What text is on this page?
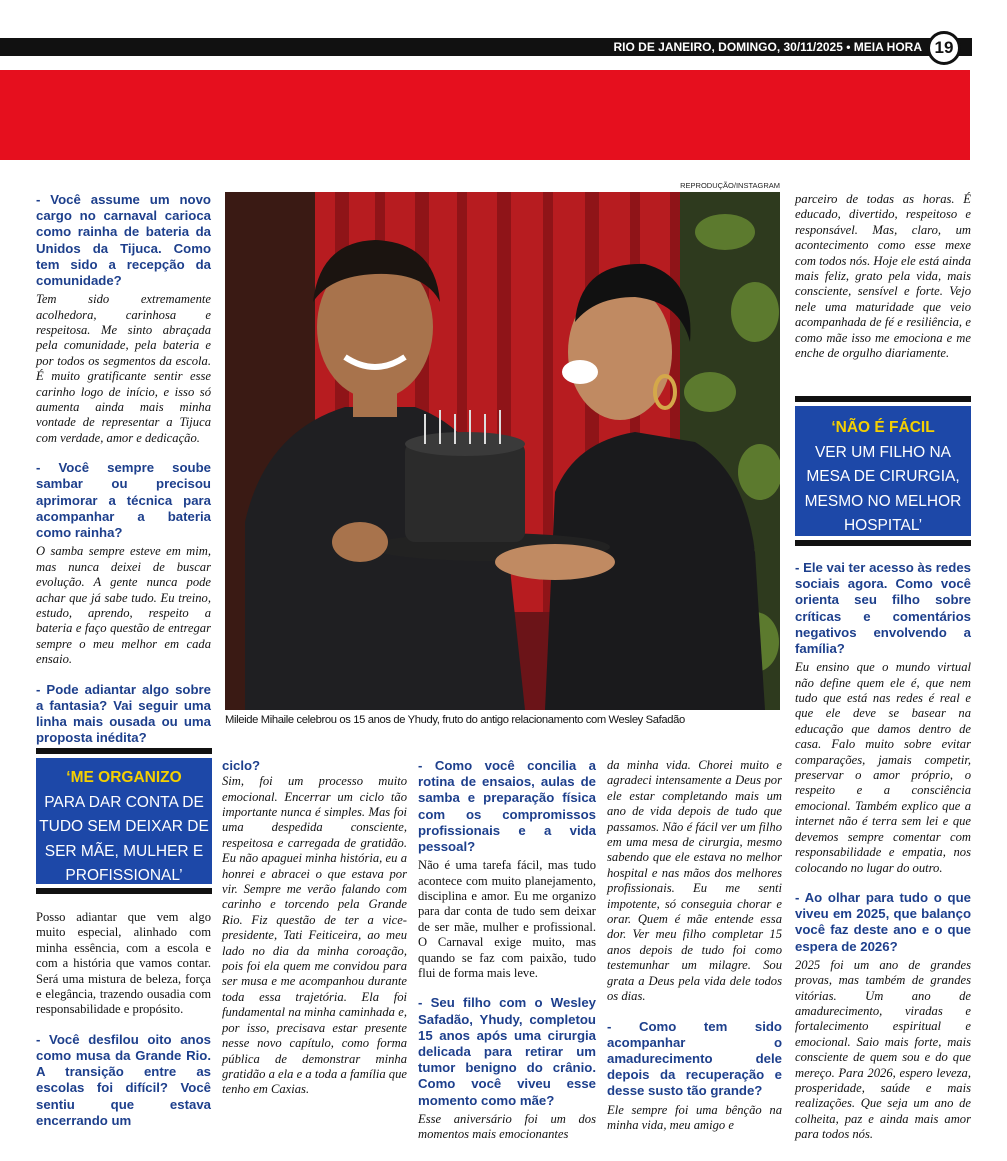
RIO DE JANEIRO, DOMINGO, 30/11/2025 • MEIA HORA 19

- Você assume um novo cargo no carnaval carioca como rainha de bateria da Unidos da Tijuca. Como tem sido a recepção da comunidade?

Tem sido extremamente acolhedora, carinhosa e respeitosa. Me sinto abraçada pela comunidade, pela bateria e por todos os segmentos da escola. É muito gratificante sentir esse carinho logo de início, e isso só aumenta ainda mais minha vontade de representar a Tijuca com verdade, amor e dedicação.

- Você sempre soube sambar ou precisou aprimorar a técnica para acompanhar a bateria como rainha?

O samba sempre esteve em mim, mas nunca deixei de buscar evolução. A gente nunca pode achar que já sabe tudo. Eu treino, estudo, aprendo, respeito a bateria e faço questão de entregar sempre o meu melhor em cada ensaio.

- Pode adiantar algo sobre a fantasia? Vai seguir uma linha mais ousada ou uma proposta inédita?

‘ME ORGANIZO
PARA DAR CONTA DE
TUDO SEM DEIXAR DE
SER MÃE, MULHER E
PROFISSIONAL’

Posso adiantar que vem algo muito especial, alinhado com minha essência, com a escola e com a história que vamos contar. Será uma mistura de beleza, força e elegância, trazendo ousadia com responsabilidade e propósito.

- Você desfilou oito anos como musa da Grande Rio. A transição entre as escolas foi difícil? Você sentiu que estava encerrando um

REPRODUÇÃO/INSTAGRAM
Mileide Mihaile celebrou os 15 anos de Yhudy, fruto do antigo relacionamento com Wesley Safadão

ciclo?

Sim, foi um processo muito emocional. Encerrar um ciclo tão importante nunca é simples. Mas foi uma despedida consciente, respeitosa e carregada de gratidão. Eu não apaguei minha história, eu a honrei e abracei o que estava por vir. Sempre me verão falando com carinho e torcendo pela Grande Rio. Fiz questão de ter a vice-presidente, Tati Feiticeira, ao meu lado no dia da minha coroação, pois foi ela quem me convidou para ser musa e me acompanhou durante toda essa trajetória. Ela foi fundamental na minha caminhada e, por isso, precisava estar presente nesse novo capítulo, como forma pública de demonstrar minha gratidão a ela e a toda a família que tenho em Caxias.

- Como você concilia a rotina de ensaios, aulas de samba e preparação física com os compromissos profissionais e a vida pessoal?

Não é uma tarefa fácil, mas tudo acontece com muito planejamento, disciplina e amor. Eu me organizo para dar conta de tudo sem deixar de ser mãe, mulher e profissional. O Carnaval exige muito, mas quando se faz com paixão, tudo flui de forma mais leve.

- Seu filho com o Wesley Safadão, Yhudy, completou 15 anos após uma cirurgia delicada para retirar um tumor benigno do crânio. Como você viveu esse momento como mãe?

Esse aniversário foi um dos momentos mais emocionantes

da minha vida. Chorei muito e agradeci intensamente a Deus por ele estar completando mais um ano de vida depois de tudo que passamos. Não é fácil ver um filho em uma mesa de cirurgia, mesmo sabendo que ele estava no melhor hospital e nas mãos dos melhores profissionais. Eu me senti impotente, só conseguia chorar e orar. Quem é mãe entende essa dor. Ver meu filho completar 15 anos depois de tudo foi como testemunhar um milagre. Sou grata a Deus pela vida dele todos os dias.

- Como tem sido acompanhar o amadurecimento dele depois da recuperação e desse susto tão grande?

Ele sempre foi uma bênção na minha vida, meu amigo e

parceiro de todas as horas. É educado, divertido, respeitoso e responsável. Mas, claro, um acontecimento como esse mexe com todos nós. Hoje ele está ainda mais feliz, grato pela vida, mais consciente, sensível e forte. Vejo nele uma maturidade que veio acompanhada de fé e resiliência, e como mãe isso me emociona e me enche de orgulho diariamente.

‘NÃO É FÁCIL
VER UM FILHO NA
MESA DE CIRURGIA,
MESMO NO MELHOR
HOSPITAL’

- Ele vai ter acesso às redes sociais agora. Como você orienta seu filho sobre críticas e comentários negativos envolvendo a família?

Eu ensino que o mundo virtual não define quem ele é, que nem tudo que está nas redes é real e que ele deve se basear na educação que damos dentro de casa. Falo muito sobre evitar comparações, jamais competir, preservar o amor próprio, o respeito e a consciência emocional. Também explico que a internet não é terra sem lei e que devemos sempre comentar com responsabilidade e empatia, nos colocando no lugar do outro.

- Ao olhar para tudo o que viveu em 2025, que balanço você faz deste ano e o que espera de 2026?

2025 foi um ano de grandes provas, mas também de grandes vitórias. Um ano de amadurecimento, viradas e fortalecimento espiritual e emocional. Saio mais forte, mais consciente de quem sou e do que mereço. Para 2026, espero leveza, prosperidade, saúde e mais realizações. Que seja um ano de colheita, paz e ainda mais amor para todos nós.
